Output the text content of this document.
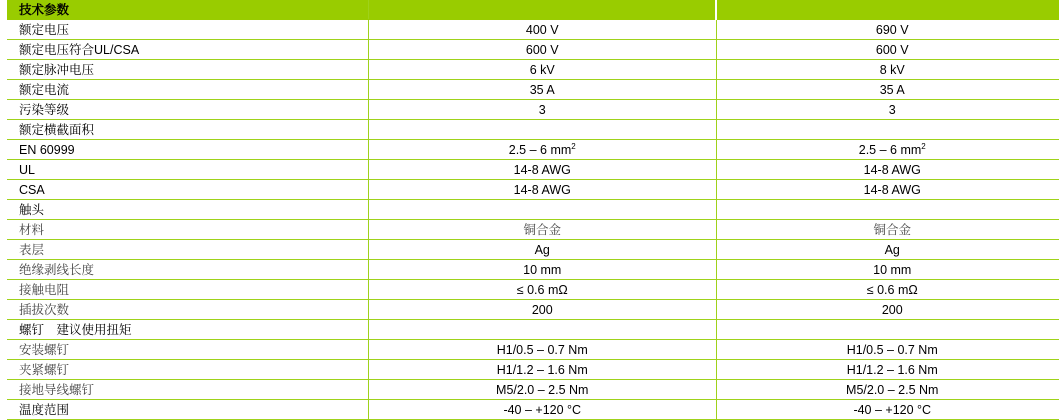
技术参数		
额定电压	400 V	690 V
额定电压符合UL/CSA	600 V	600 V
额定脉冲电压	6 kV	8 kV
额定电流	35 A	35 A
污染等级	3	3
额定横截面积		
EN 60999	2.5 – 6 $mm^2$	2.5 – 6 $mm^2$
UL	14-8 AWG	14-8 AWG
CSA	14-8 AWG	14-8 AWG
触头		
材料	铜合金	铜合金
表层	Ag	Ag
绝缘剥线长度	10 mm	10 mm
接触电阻	≤ 0.6 mΩ	≤ 0.6 mΩ
插拔次数	200	200
螺钉　建议使用扭矩		
安装螺钉	H1/0.5 – 0.7 Nm	H1/0.5 – 0.7 Nm
夹紧螺钉	H1/1.2 – 1.6 Nm	H1/1.2 – 1.6 Nm
接地导线螺钉	M5/2.0 – 2.5 Nm	M5/2.0 – 2.5 Nm
温度范围	-40 – +120 °C	-40 – +120 °C
